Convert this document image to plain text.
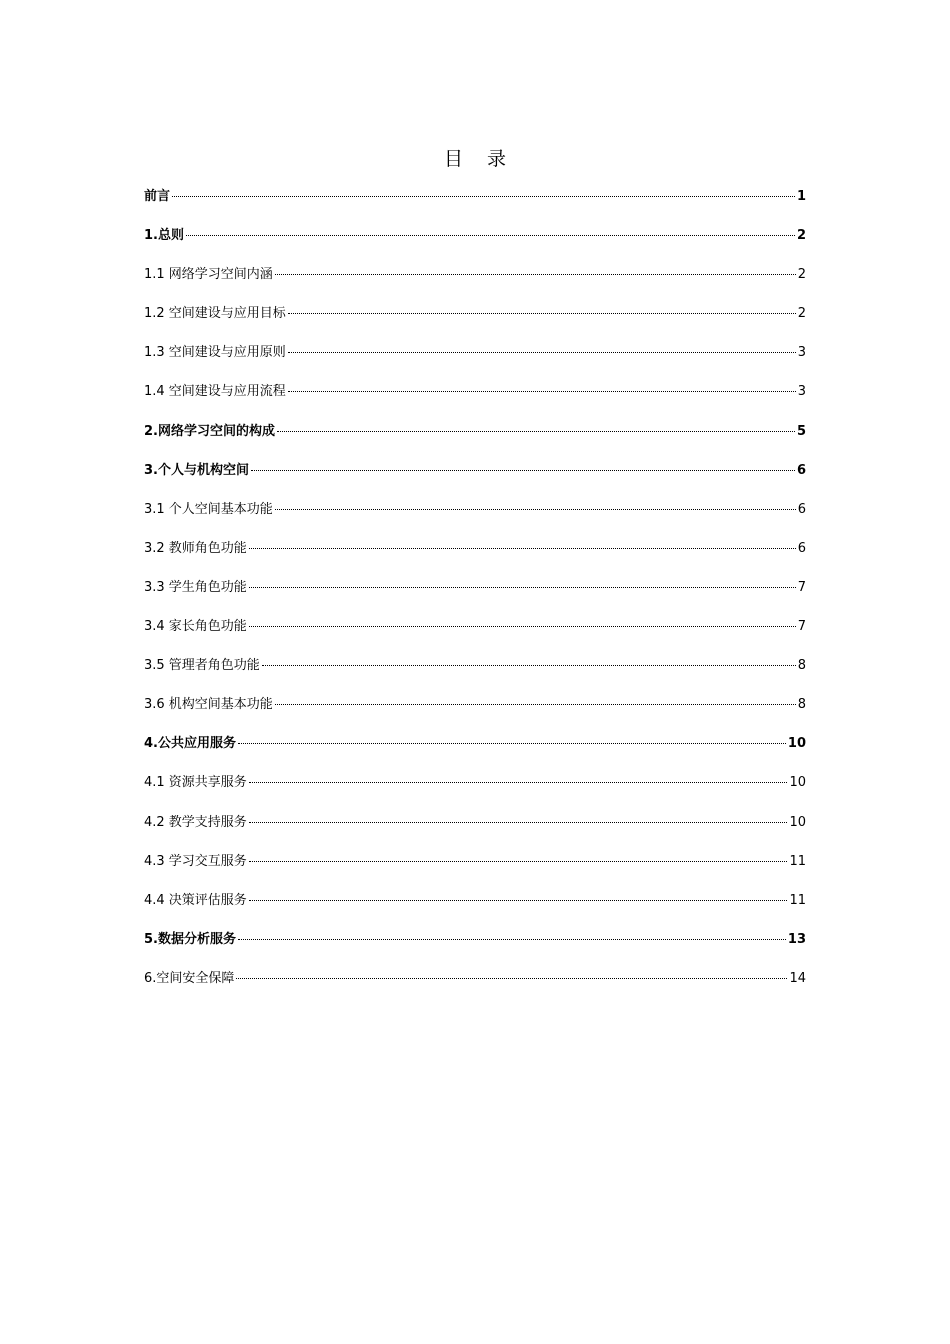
目 录
前言	1
1.总则	2
1.1 网络学习空间内涵	2
1.2 空间建设与应用目标	2
1.3 空间建设与应用原则	3
1.4 空间建设与应用流程	3
2.网络学习空间的构成	5
3.个人与机构空间	6
3.1 个人空间基本功能	6
3.2 教师角色功能	6
3.3 学生角色功能	7
3.4 家长角色功能	7
3.5 管理者角色功能	8
3.6 机构空间基本功能	8
4.公共应用服务	10
4.1 资源共享服务	10
4.2 教学支持服务	10
4.3 学习交互服务	11
4.4 决策评估服务	11
5.数据分析服务	13
6.空间安全保障	14
